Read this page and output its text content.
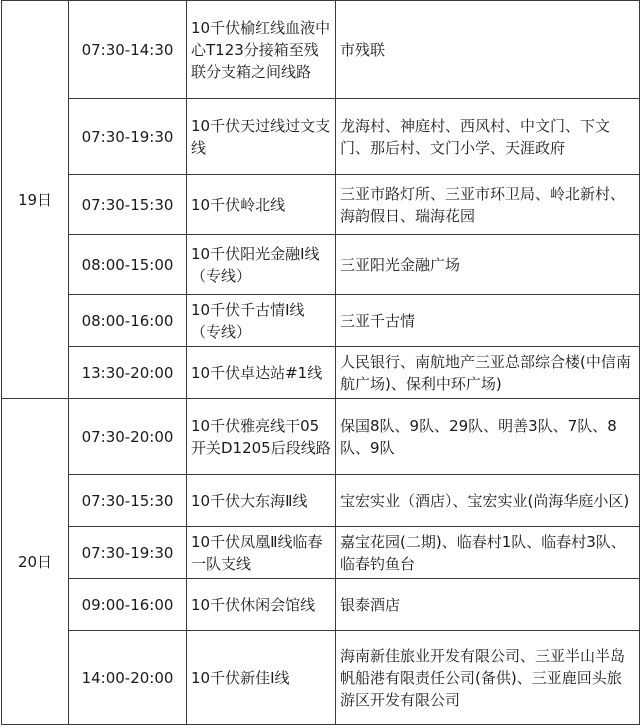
19日	07:30-14:30	10千伏榆红线血液中心T123分接箱至残联分支箱之间线路	市残联
	07:30-19:30	10千伏天过线过文支线	龙海村、神庭村、西风村、中文门、下文门、那后村、文门小学、天涯政府
	07:30-15:30	10千伏岭北线	三亚市路灯所、三亚市环卫局、岭北新村、海韵假日、瑞海花园
	08:00-15:00	10千伏阳光金融Ⅰ线（专线）	三亚阳光金融广场
	08:00-16:00	10千伏千古情Ⅰ线（专线）	三亚千古情
	13:30-20:00	10千伏卓达站#1线	人民银行、南航地产三亚总部综合楼(中信南航广场)、保利中环广场)
20日	07:30-20:00	10千伏雅亮线干05开关D1205后段线路	保国8队、9队、29队、明善3队、7队、8队、9队
	07:30-15:30	10千伏大东海Ⅱ线	宝宏实业（酒店）、宝宏实业(尚海华庭小区)
	07:30-19:30	10千伏凤凰Ⅱ线临春一队支线	嘉宝花园(二期)、临春村1队、临春村3队、临春钓鱼台
	09:00-16:00	10千伏休闲会馆线	银泰酒店
	14:00-20:00	10千伏新佳Ⅰ线	海南新佳旅业开发有限公司、三亚半山半岛帆船港有限责任公司(备供)、三亚鹿回头旅游区开发有限公司
